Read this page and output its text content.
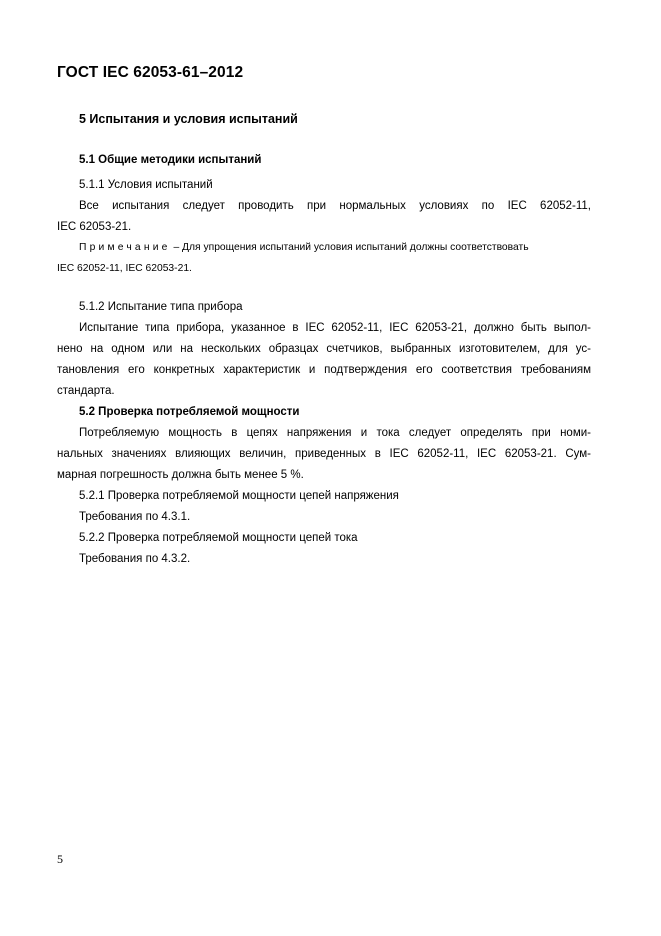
ГОСТ IEC 62053-61–2012
5 Испытания и условия испытаний
5.1 Общие методики испытаний

5.1.1 Условия испытаний

Все испытания следует проводить при нормальных условиях по IEC 62052-11,

IEC 62053-21.

Примечание – Для упрощения испытаний условия испытаний должны соответствовать

IEC 62052-11, IEC 62053-21.

5.1.2 Испытание типа прибора

Испытание типа прибора, указанное в IEC 62052-11, IEC 62053-21, должно быть выпол-

нено на одном или на нескольких образцах счетчиков, выбранных изготовителем, для ус-

тановления его конкретных характеристик и подтверждения его соответствия требованиям

стандарта.

5.2 Проверка потребляемой мощности

Потребляемую мощность в цепях напряжения и тока следует определять при номи-

нальных значениях влияющих величин, приведенных в IEC 62052-11, IEC 62053-21. Сум-

марная погрешность должна быть менее 5 %.

5.2.1 Проверка потребляемой мощности цепей напряжения

Требования по 4.3.1.

5.2.2 Проверка потребляемой мощности цепей тока

Требования по 4.3.2.

5
